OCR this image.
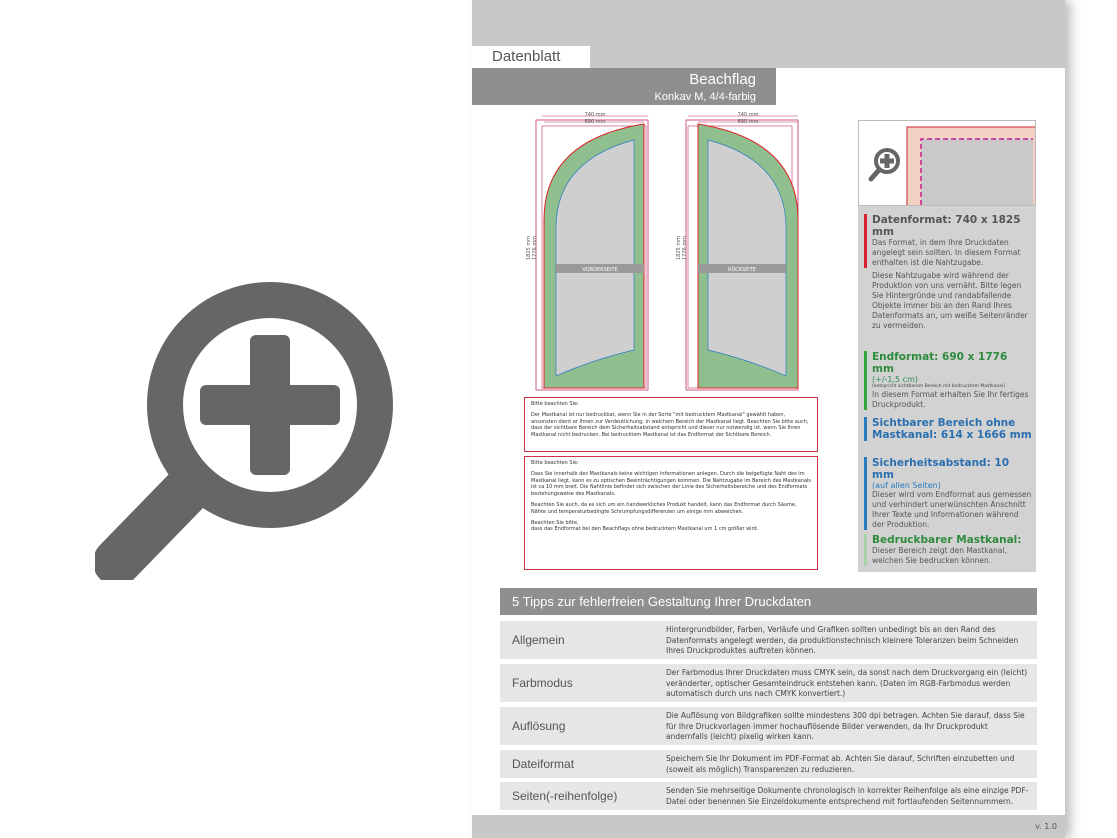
Datenblatt
Beachflag
Konkav M, 4/4-farbig
VORDERSEITE
740 mm
690 mm
1825 mm 1776 mm
RÜCKSEITE
740 mm
690 mm
1825 mm 1776 mm

Bitte beachten Sie:

Der Mastkanal ist nur bedruckbar, wenn Sie in der Sorte "mit bedrucktem Mastkanal" gewählt haben, ansonsten dient er Ihnen zur Verdeutlichung, in welchem Bereich der Mastkanal liegt. Beachten Sie bitte auch, dass der sichtbare Bereich dem Sicherheitsabstand entspricht und dieser nur notwendig ist, wenn Sie Ihren Mastkanal nicht bedrucken. Bei bedrucktem Mastkanal ist das Endformat der Sichtbare Bereich.

Bitte beachten Sie:

Dass Sie innerhalb des Mastkanals keine wichtigen Informationen anlegen. Durch die beigefügte Naht des im Mastkanal liegt, kann es zu optischen Beeinträchtigungen kommen. Die Nahtzugabe im Bereich des Mastkanals ist ca 10 mm breit. Die Nahtlinie befindet sich zwischen der Linie des Sicherheitsbereiche und des Endformats beziehungsweise des Mastkanals.

Beachten Sie auch, da es sich um ein handwerkliches Produkt handelt, kann das Endformat durch Säume, Nähte und temperaturbedingte Schrumpfungsdifferenzen um einige mm abweichen.

Beachten Sie bitte,

dass das Endformat bei den Beachflags ohne bedrucktem Mastkanal um 1 cm größer wird.

Datenformat: 740 x 1825 mm
Das Format, in dem Ihre Druckdaten angelegt sein sollten. In diesem Format enthalten ist die Nahtzugabe.
Diese Nahtzugabe wird während der Produktion von uns vernäht. Bitte legen Sie Hintergründe und randabfallende Objekte immer bis an den Rand Ihres Datenformats an, um weiße Seitenränder zu vermeiden.
Endformat: 690 x 1776 mm
(+/-1,5 cm)
(entspricht sichtbarem Bereich mit bedrucktem Mastkanal)
In diesem Format erhalten Sie Ihr fertiges Druckprodukt.
Sichtbarer Bereich ohne Mastkanal: 614 x 1666 mm
Sicherheitsabstand: 10 mm
(auf allen Seiten)
Dieser wird vom Endformat aus gemessen und verhindert unerwünschten Anschnitt Ihrer Texte und Informationen während der Produktion.
Bedruckbarer Mastkanal:
Dieser Bereich zeigt den Mastkanal, welchen Sie bedrucken können.
5 Tipps zur fehlerfreien Gestaltung Ihrer Druckdaten
Allgemein
Hintergrundbilder, Farben, Verläufe und Grafiken sollten unbedingt bis an den Rand des Datenformats angelegt werden, da produktionstechnisch kleinere Toleranzen beim Schneiden Ihres Druckproduktes auftreten können.
Farbmodus
Der Farbmodus Ihrer Druckdaten muss CMYK sein, da sonst nach dem Druckvorgang ein (leicht) veränderter, optischer Gesamteindruck entstehen kann. (Daten im RGB-Farbmodus werden automatisch durch uns nach CMYK konvertiert.)
Auflösung
Die Auflösung von Bildgrafiken sollte mindestens 300 dpi betragen. Achten Sie darauf, dass Sie für Ihre Druckvorlagen immer hochauflösende Bilder verwenden, da Ihr Druckprodukt andernfalls (leicht) pixelig wirken kann.
Dateiformat	Speichern Sie Ihr Dokument im PDF-Format ab. Achten Sie darauf, Schriften einzubetten und (soweit als möglich) Transparenzen zu reduzieren.
Seiten(-reihenfolge)	Senden Sie mehrseitige Dokumente chronologisch in korrekter Reihenfolge als eine einzige PDF-Datei oder benennen Sie Einzeldokumente entsprechend mit fortlaufenden Seitennummern.
v. 1.0
